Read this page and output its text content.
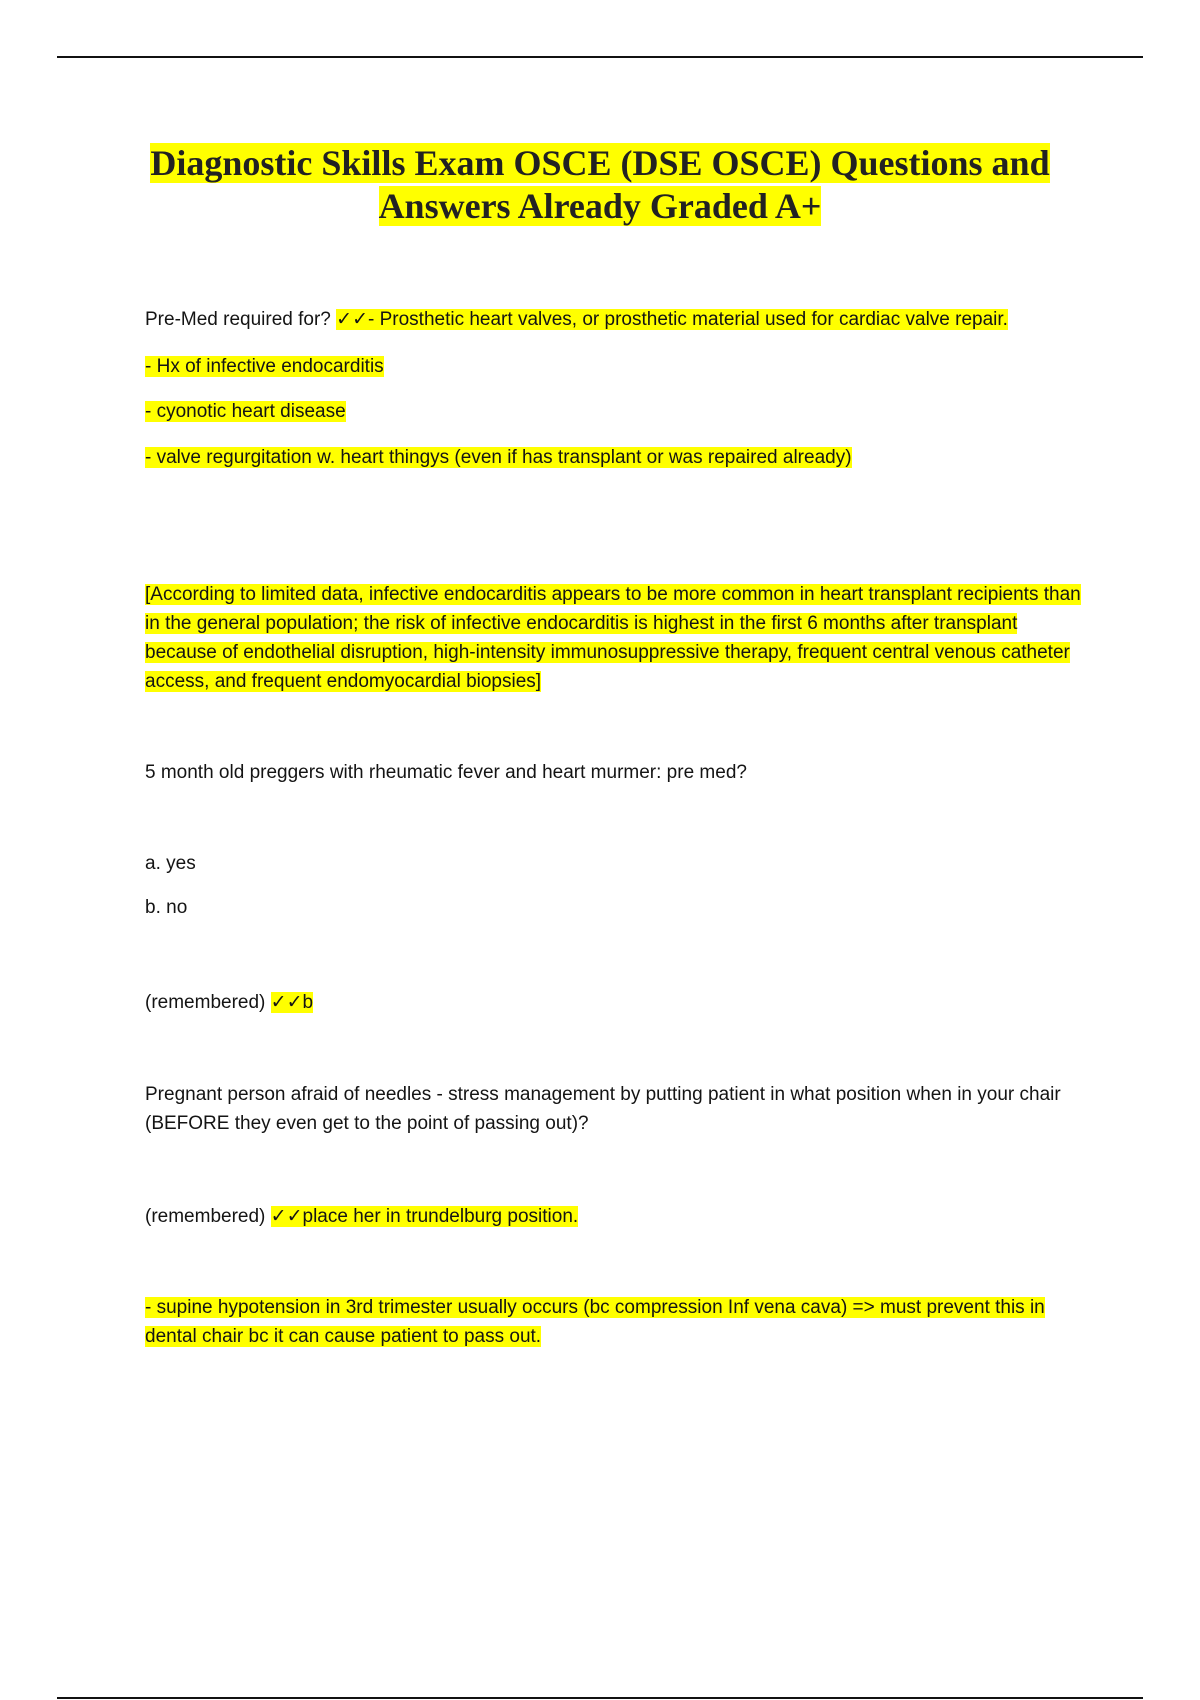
Diagnostic Skills Exam OSCE (DSE OSCE) Questions and
Answers Already Graded A+
Pre-Med required for? ✓✓- Prosthetic heart valves, or prosthetic material used for cardiac valve repair.
- Hx of infective endocarditis
- cyonotic heart disease
- valve regurgitation w. heart thingys (even if has transplant or was repaired already)
[According to limited data, infective endocarditis appears to be more common in heart transplant recipients than in the general population; the risk of infective endocarditis is highest in the first 6 months after transplant because of endothelial disruption, high-intensity immunosuppressive therapy, frequent central venous catheter access, and frequent endomyocardial biopsies]
5 month old preggers with rheumatic fever and heart murmer: pre med?
a. yes
b. no
(remembered) ✓✓b
Pregnant person afraid of needles - stress management by putting patient in what position when in your chair (BEFORE they even get to the point of passing out)?
(remembered) ✓✓place her in trundelburg position.
- supine hypotension in 3rd trimester usually occurs (bc compression Inf vena cava) => must prevent this in dental chair bc it can cause patient to pass out.
